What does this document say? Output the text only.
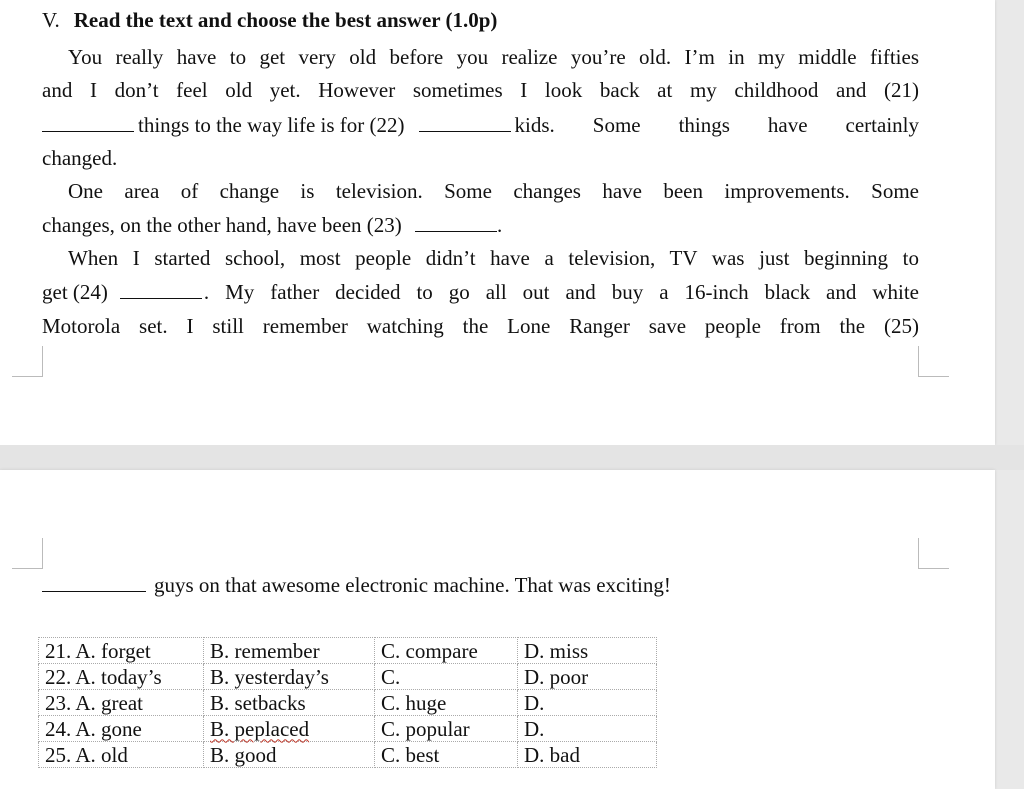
V. Read the text and choose the best answer (1.0p)
You really have to get very old before you realize you’re old. I’m in my middle fifties
and I don’t feel old yet. However sometimes I look back at my childhood and (21)
things to the way life is for (22)	kids. Some things have certainly
changed.
One area of change is television. Some changes have been improvements. Some
changes, on the other hand, have been (23)	.
When I started school, most people didn’t have a television, TV was just beginning to
get (24)	. My father decided to go all out and buy a 16-inch black and white
Motorola set. I still remember watching the Lone Ranger save people from the (25)
guys on that awesome electronic machine. That was exciting!
21. A. forget	B. remember	C. compare	D. miss
22. A. today’s	B. yesterday’s	C.	D. poor
23. A. great	B. setbacks	C. huge	D.
24. A. gone	B. peplaced	C. popular	D.
25. A. old	B. good	C. best	D. bad
